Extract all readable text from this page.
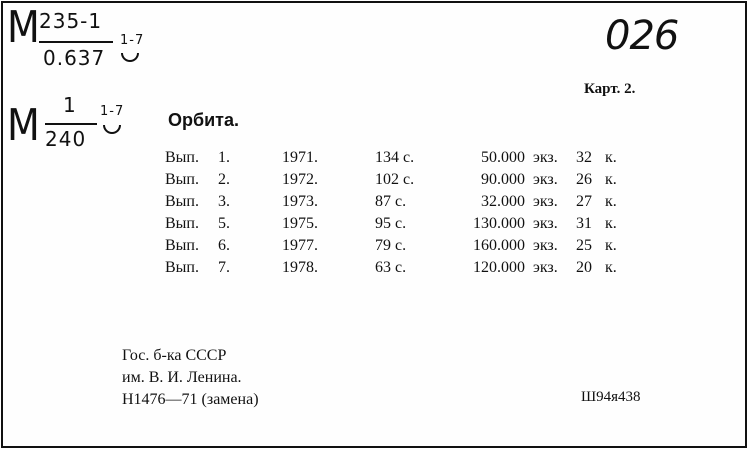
M
235-1
0.637
1-7
M 1
240
1-7
026
Карт. 2.
Орбита.
Вып. 1.	1971.	134 с.	50.000 экз. 32 к.
Вып. 2.	1972.	102 с.	90.000 экз. 26 к.
Вып. 3.	1973.	87 с.	32.000 экз. 27 к.
Вып. 5.	1975.	95 с.	130.000 экз. 31 к.
Вып. 6.	1977.	79 с.	160.000 экз. 25 к.
Вып. 7.	1978.	63 с.	120.000 экз. 20 к.
Гос. б-ка СССР
им. В. И. Ленина.
Н1476—71 (замена)	Ш94я438
